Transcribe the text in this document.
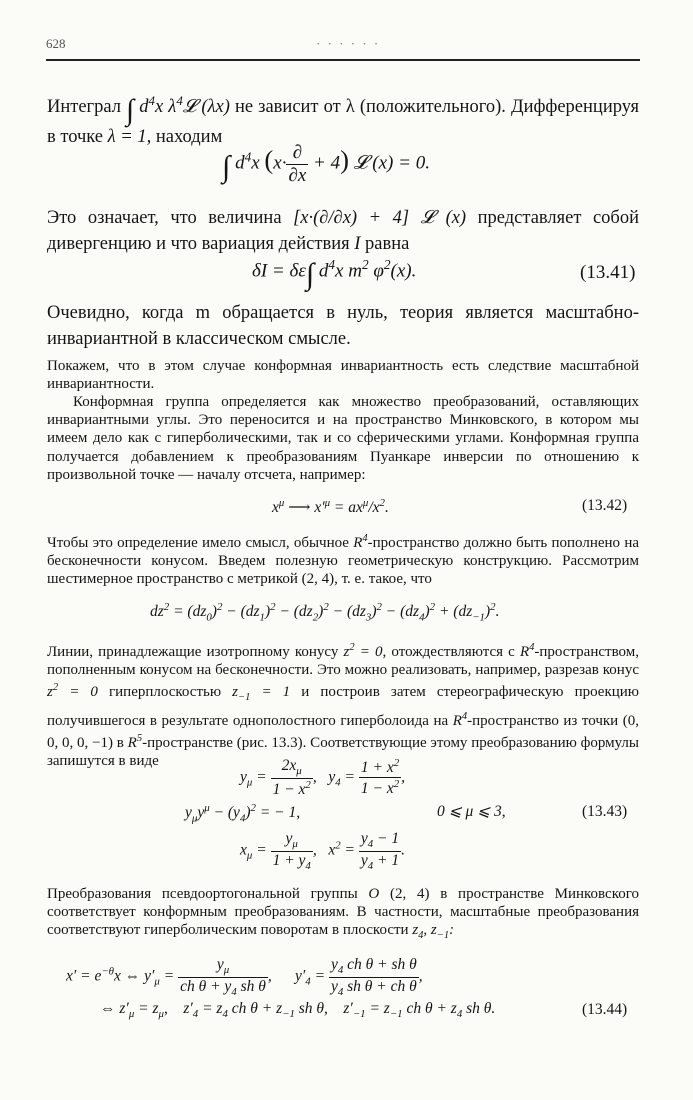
628	· · · · · ·
Интеграл ∫ $d^4x$ $\lambda^4𝓛$ (λx) не зависит от λ (положительного). Дифференцируя в точке λ = 1, находим
∫ $d^4x$ $(x\cdot \frac{\partial}{\partial x} + 4)$ 𝓛 (x) = 0.
Это означает, что величина [x·(∂/∂x) + 4] 𝓛 (x) представляет собой дивергенцию и что вариация действия I равна
δI = δε∫ $d^4x$ $m^2$ $\varphi^2(x)$.	(13.41)
Очевидно, когда m обращается в нуль, теория является масштабно-инвариантной в классическом смысле.
Покажем, что в этом случае конформная инвариантность есть следствие масштабной инвариантности.
Конформная группа определяется как множество преобразований, оставляющих инвариантными углы. Это переносится и на пространство Минковского, в котором мы имеем дело как с гиперболическими, так и со сферическими углами. Конформная группа получается добавлением к преобразованиям Пуанкаре инверсии по отношению к произвольной точке — началу отсчета, например:
$x^\mu$ ⟶ $x'^\mu = ax^\mu/x^2$.	(13.42)
Чтобы это определение имело смысл, обычное $R^4$-пространство должно быть пополнено на бесконечности конусом. Введем полезную геометрическую конструкцию. Рассмотрим шестимерное пространство с метрикой (2, 4), т. е. такое, что
$dz^2 = (dz_0)^2 - (dz_1)^2 - (dz_2)^2 - (dz_3)^2 - (dz_4)^2 + (dz_{-1})^2$.
Линии, принадлежащие изотропному конусу $z^2 = 0$, отождествляются с $R^4$-пространством, пополненным конусом на бесконечности. Это можно реализовать, например, разрезав конус $z^2 = 0$ гиперплоскостью $z_{-1} = 1$ и построив затем стереографическую проекцию получившегося в результате однополостного гиперболоида на $R^4$-пространство из точки (0, 0, 0, 0, −1) в $R^5$-пространстве (рис. 13.3). Соответствующие этому преобразованию формулы запишутся в виде
$y_\mu = \frac{2x_\mu}{1 - x^2}$ ,   $y_4 = \frac{1 + x^2}{1 - x^2}$ ,
$y_\mu y^\mu - (y_4)^2$ = − 1,	0 ⩽ μ ⩽ 3,	(13.43)
$x_\mu = \frac{y_\mu}{1 + y_4}$ ,   $x^2 = \frac{y_4 - 1}{y_4 + 1}$ .
Преобразования псевдоортогональной группы O (2, 4) в пространстве Минковского соответствует конформным преобразованиям. В частности, масштабные преобразования соответствуют гиперболическим поворотам в плоскости $z_4$, $z_{-1}$:
$x' = e^{-\theta}x$ ⇔ $y'_\mu = \frac{y_\mu}{ch \theta + y_4 sh \theta}$ ,      $y'_4 = \frac{y_4 ch \theta + sh \theta}{y_4 sh \theta + ch \theta}$ ,
⇔ $z'_\mu = z_\mu$,    $z'_4 = z_4$ ch $\theta + z_{-1}$ sh θ,    $z'_{-1} = z_{-1}$ ch $\theta + z_4$ sh θ.	(13.44)
